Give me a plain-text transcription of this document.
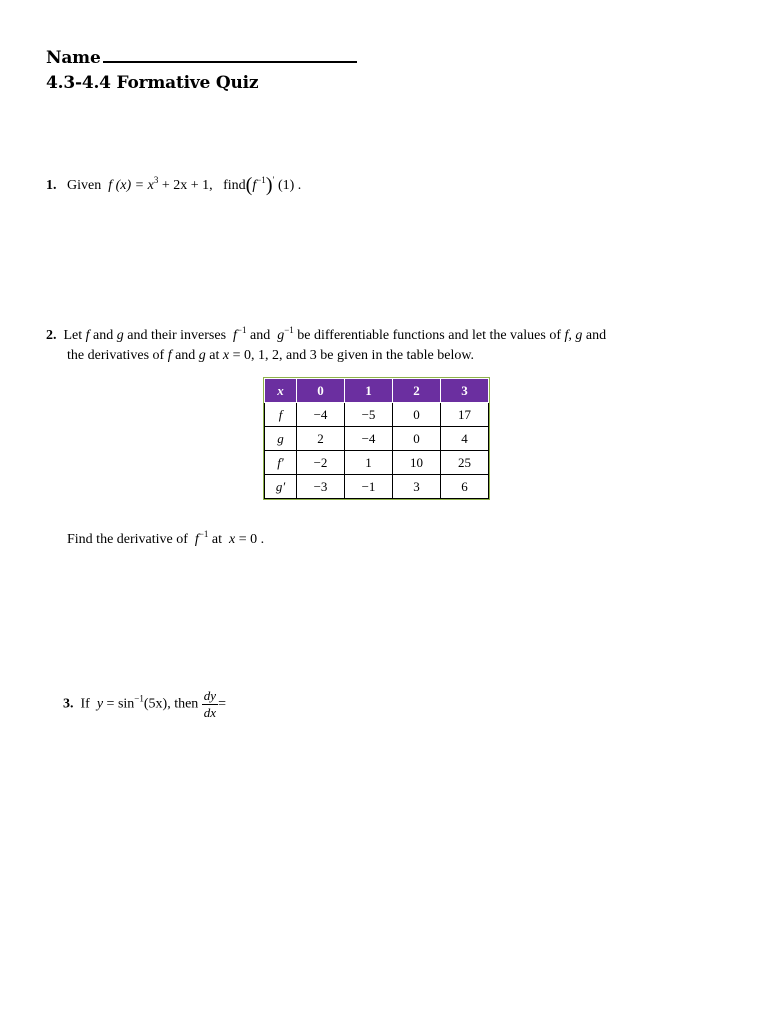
Name
4.3-4.4 Formative Quiz
1. Given f $(x) = x^3 + 2x + 1$, $find(f^{-1})'$ (1) .
2. Let f and g and their inverses  $f^{-1}$ and  $g^{-1}$ be differentiable functions and let the values of f, g and
the derivatives of f and g at x = 0, 1, 2, and 3 be given in the table below.
x	0	1	2	3
f	−4	−5	0	17
g	2	−4	0	4
f′	−2	1	10	25
g′	−3	−1	3	6
Find the derivative of  $f^{-1}$ at  x = 0 .
3. If $y = \sin^{-1}(5x)$, then $\frac{dy}{dx}$ =
